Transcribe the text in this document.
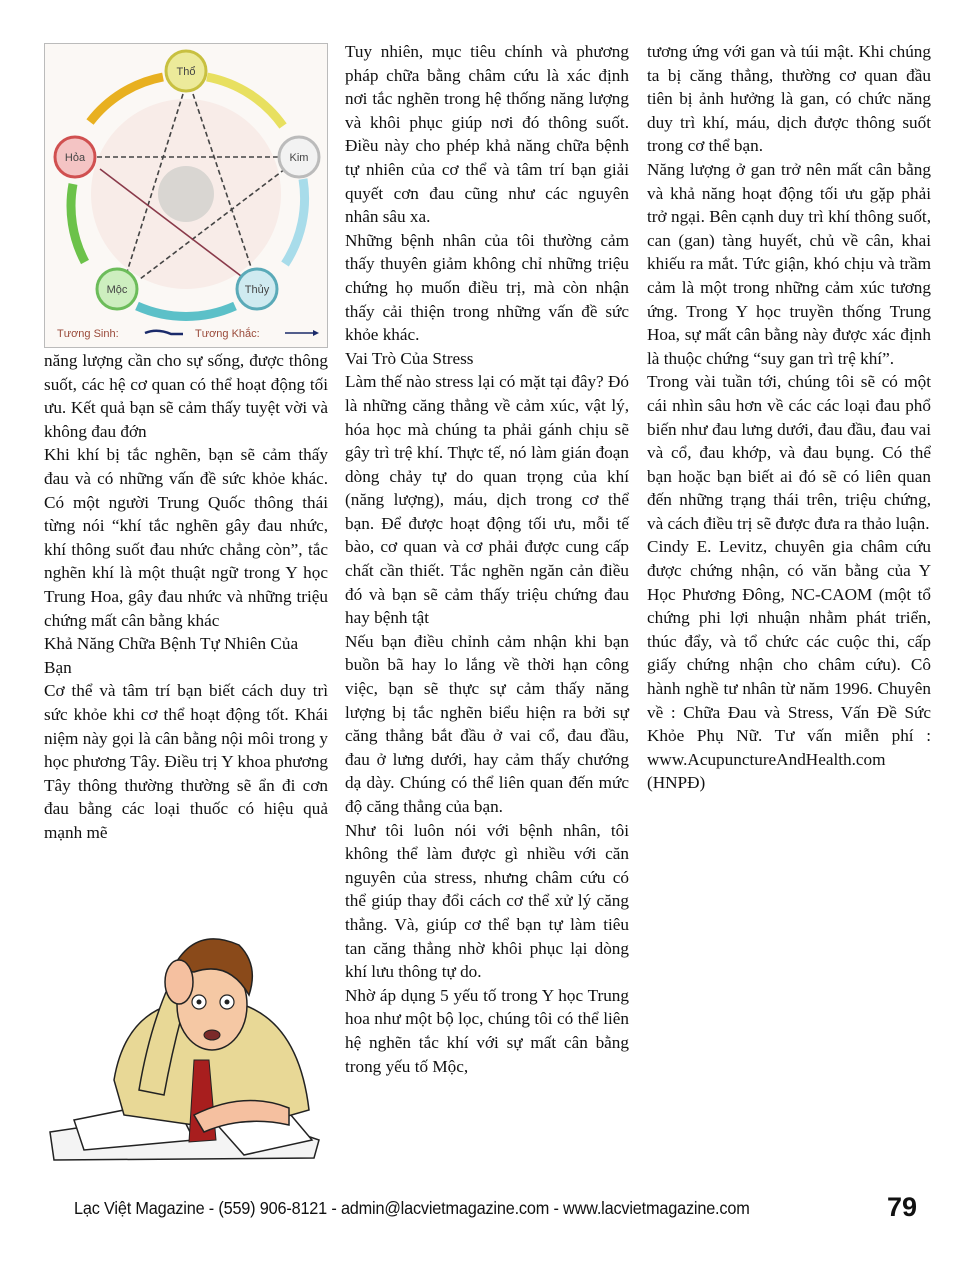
Thổ
Kim
Thủy
Mộc
Hỏa
Tương Sinh:	Tương Khắc:

năng lượng cần cho sự sống, được thông suốt, các hệ cơ quan có thể hoạt động tối ưu. Kết quả bạn sẽ cảm thấy tuyệt vời và không đau đớn

Khi khí bị tắc nghẽn, bạn sẽ cảm thấy đau và có những vấn đề sức khỏe khác. Có một người Trung Quốc thông thái từng nói “khí tắc nghẽn gây đau nhức, khí thông suốt đau nhức chẳng còn”, tắc nghẽn khí là một thuật ngữ trong Y học Trung Hoa, gây đau nhức và những triệu chứng mất cân bằng khác

Khả Năng Chữa Bệnh Tự Nhiên Của Bạn

Cơ thể và tâm trí bạn biết cách duy trì sức khỏe khi cơ thể hoạt động tốt. Khái niệm này gọi là cân bằng nội môi trong y học phương Tây. Điều trị Y khoa phương Tây thông thường thường sẽ ẩn đi cơn đau bằng các loại thuốc có hiệu quả mạnh mẽ

Tuy nhiên, mục tiêu chính và phương pháp chữa bằng châm cứu là xác định nơi tắc nghẽn trong hệ thống năng lượng và khôi phục giúp nơi đó thông suốt. Điều này cho phép khả năng chữa bệnh tự nhiên của cơ thể và tâm trí bạn giải quyết cơn đau cũng như các nguyên nhân sâu xa.

Những bệnh nhân của tôi thường cảm thấy thuyên giảm không chỉ những triệu chứng họ muốn điều trị, mà còn nhận thấy cải thiện trong những vấn đề sức khỏe khác.

Vai Trò Của Stress

Làm thế nào stress lại có mặt tại đây? Đó là những căng thẳng về cảm xúc, vật lý, hóa học mà chúng ta phải gánh chịu sẽ gây trì trệ khí. Thực tế, nó làm gián đoạn dòng chảy tự do quan trọng của khí (năng lượng), máu, dịch trong cơ thể bạn. Để được hoạt động tối ưu, mỗi tế bào, cơ quan và cơ phải được cung cấp chất cần thiết. Tắc nghẽn ngăn cản điều đó và bạn sẽ cảm thấy triệu chứng đau hay bệnh tật

Nếu bạn điều chỉnh cảm nhận khi bạn buồn bã hay lo lắng về thời hạn công việc, bạn sẽ thực sự cảm thấy năng lượng bị tắc nghẽn biểu hiện ra bởi sự căng thẳng bắt đầu ở vai cổ, đau đầu, đau ở lưng dưới, hay cảm thấy chướng dạ dày. Chúng có thể liên quan đến mức độ căng thẳng của bạn.

Như tôi luôn nói với bệnh nhân, tôi không thể làm được gì nhiều với căn nguyên của stress, nhưng châm cứu có thể giúp thay đổi cách cơ thể xử lý căng thẳng. Và, giúp cơ thể bạn tự làm tiêu tan căng thẳng nhờ khôi phục lại dòng khí lưu thông tự do.

Nhờ áp dụng 5 yếu tố trong Y học Trung hoa như một bộ lọc, chúng tôi có thể liên hệ nghẽn tắc khí với sự mất cân bằng trong yếu tố Mộc,

tương ứng với gan và túi mật. Khi chúng ta bị căng thẳng, thường cơ quan đầu tiên bị ảnh hưởng là gan, có chức năng duy trì khí, máu, dịch được thông suốt trong cơ thể bạn.

Năng lượng ở gan trở nên mất cân bằng và khả năng hoạt động tối ưu gặp phải trở ngại. Bên cạnh duy trì khí thông suốt, can (gan) tàng huyết, chủ về cân, khai khiếu ra mắt. Tức giận, khó chịu và trầm cảm là một trong những cảm xúc tương ứng. Trong Y học truyền thống Trung Hoa, sự mất cân bằng này được xác định là thuộc chứng “suy gan trì trệ khí”.

Trong vài tuần tới, chúng tôi sẽ có một cái nhìn sâu hơn về các các loại đau phổ biến như đau lưng dưới, đau đầu, đau vai và cổ, đau khớp, và đau bụng. Có thể bạn hoặc bạn biết ai đó sẽ có liên quan đến những trạng thái trên, triệu chứng, và cách điều trị sẽ được đưa ra thảo luận.

Cindy E. Levitz, chuyên gia châm cứu được chứng nhận, có văn bằng của Y Học Phương Đông, NC-CAOM (một tổ chứng phi lợi nhuận nhằm phát triển, thúc đẩy, và tổ chức các cuộc thi, cấp giấy chứng nhận cho châm cứu). Cô hành nghề tư nhân từ năm 1996. Chuyên về : Chữa Đau và Stress, Vấn Đề Sức Khỏe Phụ Nữ. Tư vấn miễn phí : www.AcupunctureAndHealth.com (HNPĐ)

Lạc Việt Magazine - (559) 906-8121 - admin@lacvietmagazine.com - www.lacvietmagazine.com	79
